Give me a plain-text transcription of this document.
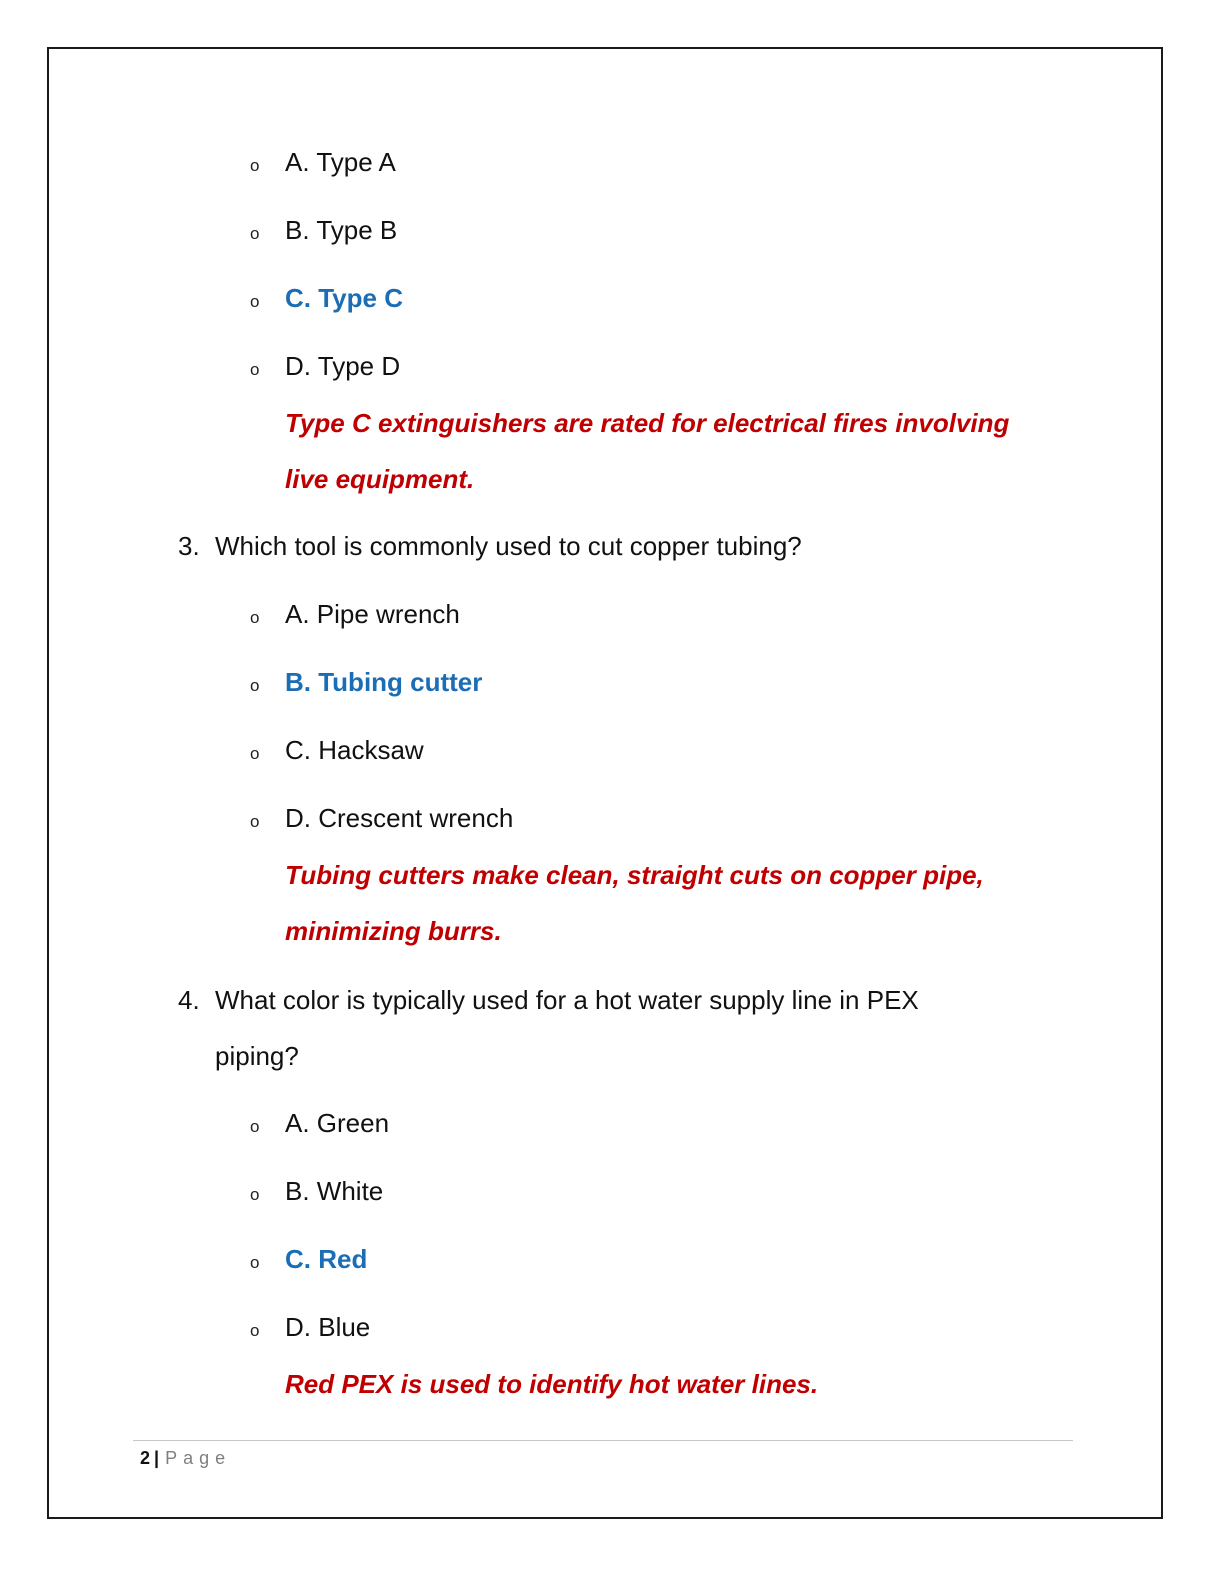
o A. Type A
o B. Type B
o C. Type C
o D. Type D
Type C extinguishers are rated for electrical fires involving
live equipment.
3. Which tool is commonly used to cut copper tubing?
o A. Pipe wrench
o B. Tubing cutter
o C. Hacksaw
o D. Crescent wrench
Tubing cutters make clean, straight cuts on copper pipe,
minimizing burrs.
4. What color is typically used for a hot water supply line in PEX
piping?
o A. Green
o B. White
o C. Red
o D. Blue
Red PEX is used to identify hot water lines.
2 | Page
